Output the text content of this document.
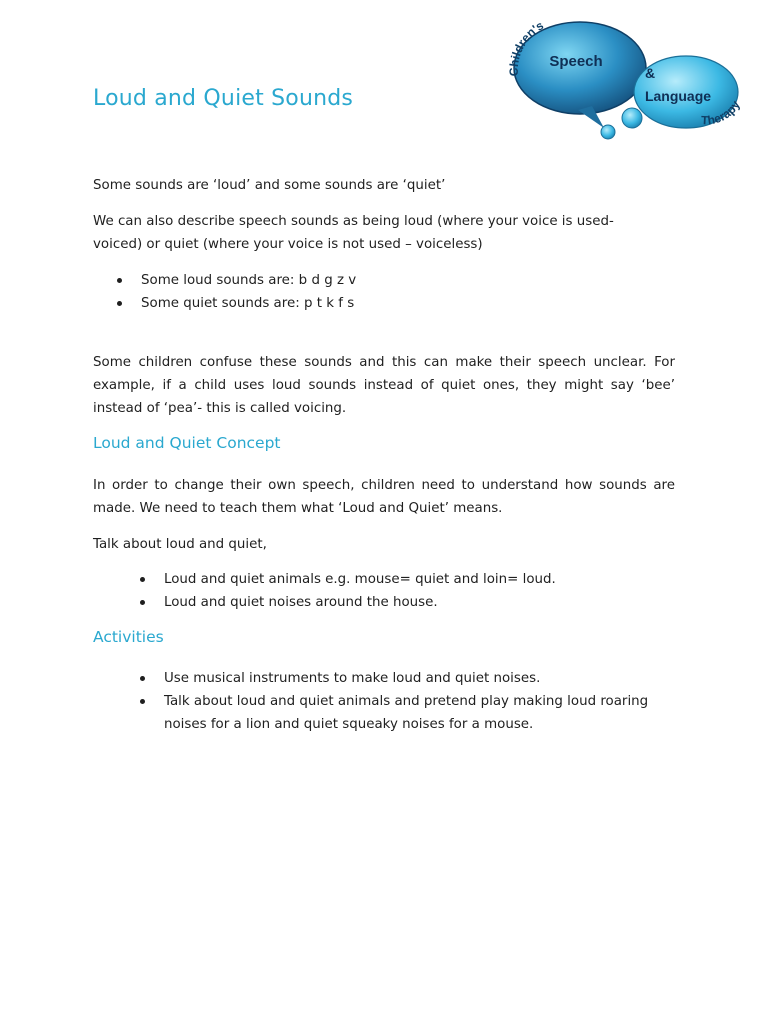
Children's
Speech
&
Language
Therapy
Loud and Quiet Sounds

Some sounds are ‘loud’ and some sounds are ‘quiet’

We can also describe speech sounds as being loud (where your voice is used- voiced) or quiet (where your voice is not used – voiceless)

Some loud sounds are: b d g z v
Some quiet sounds are: p t k f s

Some children confuse these sounds and this can make their speech unclear. For example, if a child uses loud sounds instead of quiet ones, they might say ‘bee’ instead of ‘pea’- this is called voicing.

Loud and Quiet Concept

In order to change their own speech, children need to understand how sounds are made. We need to teach them what ‘Loud and Quiet’ means.

Talk about loud and quiet,

Loud and quiet animals e.g. mouse= quiet and loin= loud.
Loud and quiet noises around the house.
Activities
Use musical instruments to make loud and quiet noises.
Talk about loud and quiet animals and pretend play making loud roaring noises for a lion and quiet squeaky noises for a mouse.
